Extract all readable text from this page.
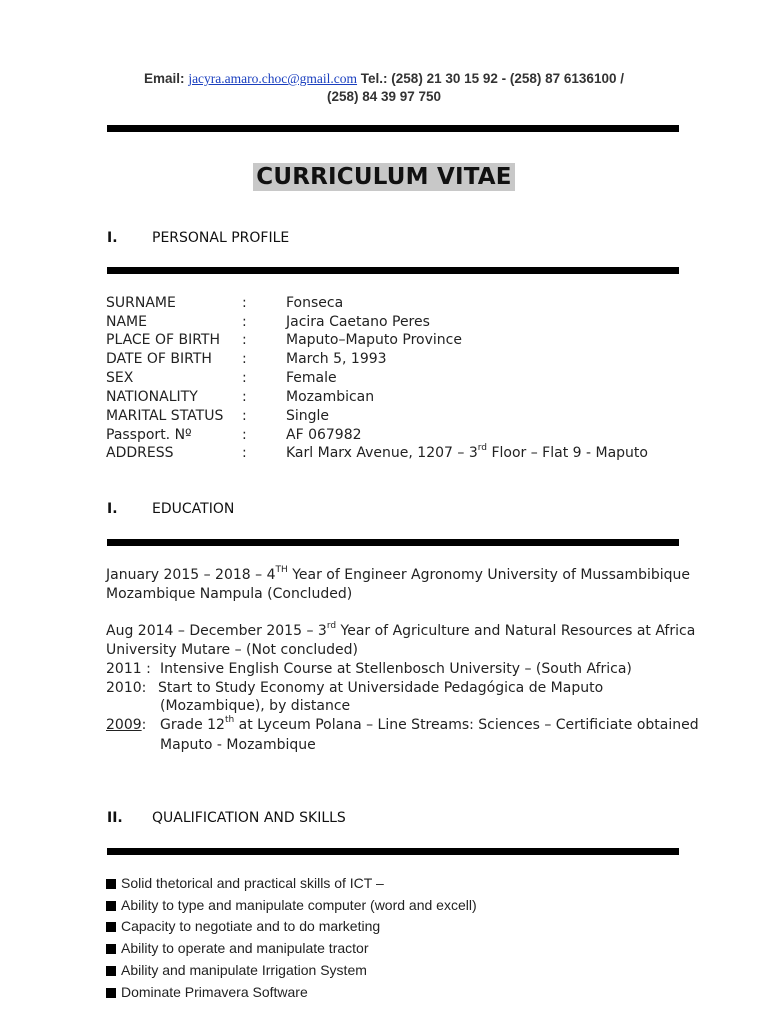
Email: jacyra.amaro.choc@gmail.com Tel.: (258) 21 30 15 92 - (258) 87 6136100 /
(258) 84 39 97 750
CURRICULUM VITAE
I. PERSONAL PROFILE
SURNAME	:	Fonseca
NAME	:	Jacira Caetano Peres
PLACE OF BIRTH :	Maputo–Maputo Province
DATE OF BIRTH :	March 5, 1993
SEX	:	Female
NATIONALITY	:	Mozambican
MARITAL STATUS :	Single
Passport. Nº	:	AF 067982
ADDRESS	:	Karl Marx Avenue, 1207 – 3rd Floor – Flat 9 - Maputo
I. EDUCATION
January 2015 – 2018 – 4TH Year of Engineer Agronomy University of Mussambibique
Mozambique Nampula (Concluded)
Aug 2014 – December 2015 – 3rd Year of Agriculture and Natural Resources at Africa
University Mutare – (Not concluded)
2011 : Intensive English Course at Stellenbosch University – (South Africa)
2010: Start to Study Economy at Universidade Pedagógica de Maputo
(Mozambique), by distance
2009: Grade 12th at Lyceum Polana – Line Streams: Sciences – Certificiate obtained
Maputo - Mozambique
II. QUALIFICATION AND SKILLS
Solid thetorical and practical skills of ICT –
Ability to type and manipulate computer (word and excell)
Capacity to negotiate and to do marketing
Ability to operate and manipulate tractor
Ability and manipulate Irrigation System
Dominate Primavera Software
